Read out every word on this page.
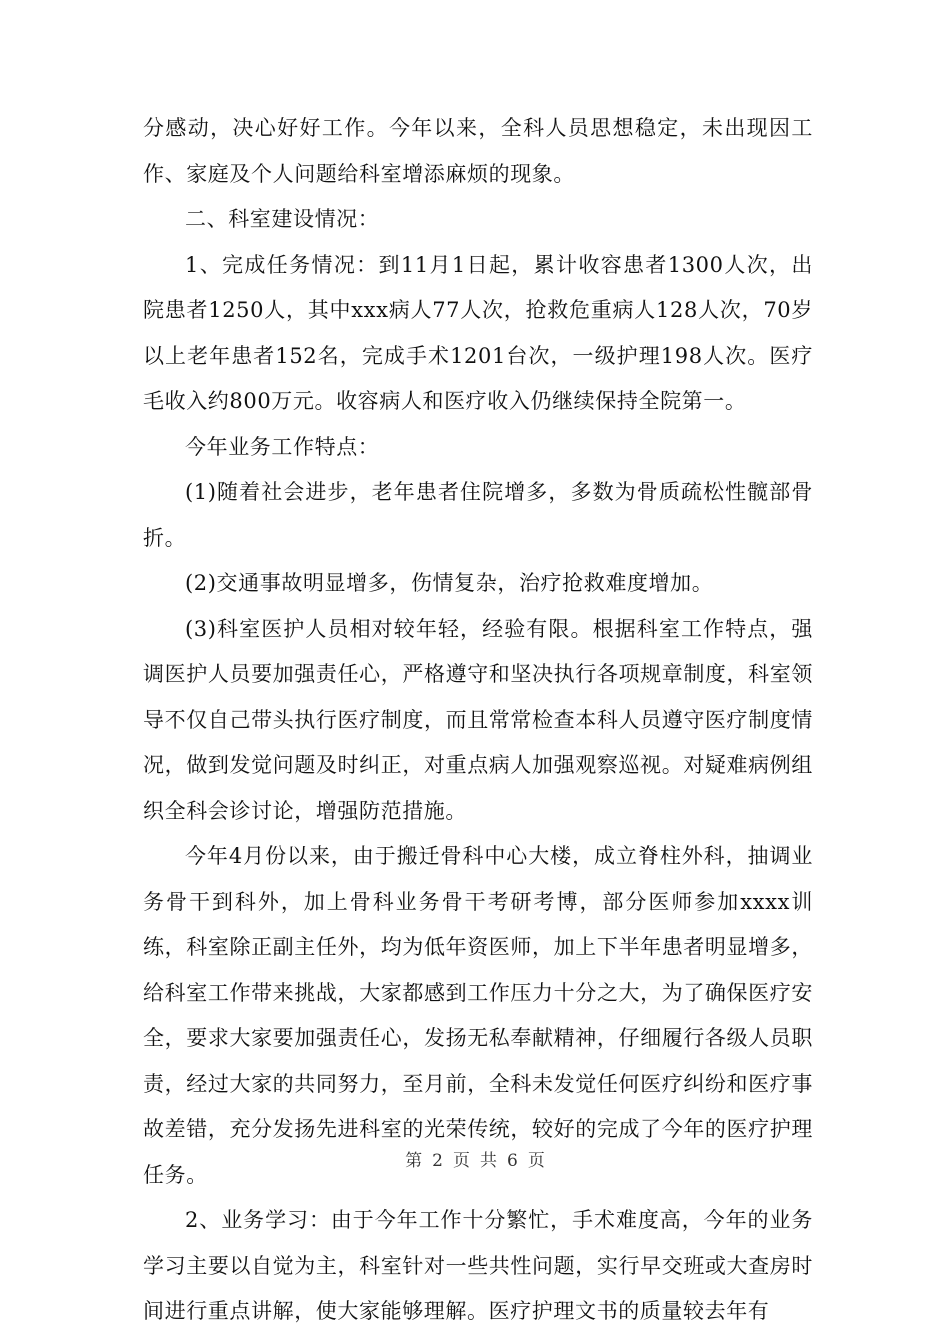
分感动，决心好好工作。今年以来，全科人员思想稳定，未出现因工作、家庭及个人问题给科室增添麻烦的现象。

二、科室建设情况：

1、完成任务情况：到11月1日起，累计收容患者1300人次，出院患者1250人，其中xxx病人77人次，抢救危重病人128人次，70岁以上老年患者152名，完成手术1201台次，一级护理198人次。医疗毛收入约800万元。收容病人和医疗收入仍继续保持全院第一。

今年业务工作特点：

(1)随着社会进步，老年患者住院增多，多数为骨质疏松性髋部骨折。

(2)交通事故明显增多，伤情复杂，治疗抢救难度增加。

(3)科室医护人员相对较年轻，经验有限。根据科室工作特点，强调医护人员要加强责任心，严格遵守和坚决执行各项规章制度，科室领导不仅自己带头执行医疗制度，而且常常检查本科人员遵守医疗制度情况，做到发觉问题及时纠正，对重点病人加强观察巡视。对疑难病例组织全科会诊讨论，增强防范措施。

今年4月份以来，由于搬迁骨科中心大楼，成立脊柱外科，抽调业务骨干到科外，加上骨科业务骨干考研考博，部分医师参加xxxx训练，科室除正副主任外，均为低年资医师，加上下半年患者明显增多，给科室工作带来挑战，大家都感到工作压力十分之大，为了确保医疗安全，要求大家要加强责任心，发扬无私奉献精神，仔细履行各级人员职责，经过大家的共同努力，至月前，全科未发觉任何医疗纠纷和医疗事故差错，充分发扬先进科室的光荣传统，较好的完成了今年的医疗护理任务。

2、业务学习：由于今年工作十分繁忙，手术难度高，今年的业务学习主要以自觉为主，科室针对一些共性问题，实行早交班或大查房时间进行重点讲解，使大家能够理解。医疗护理文书的质量较去年有

第 2 页 共 6 页
